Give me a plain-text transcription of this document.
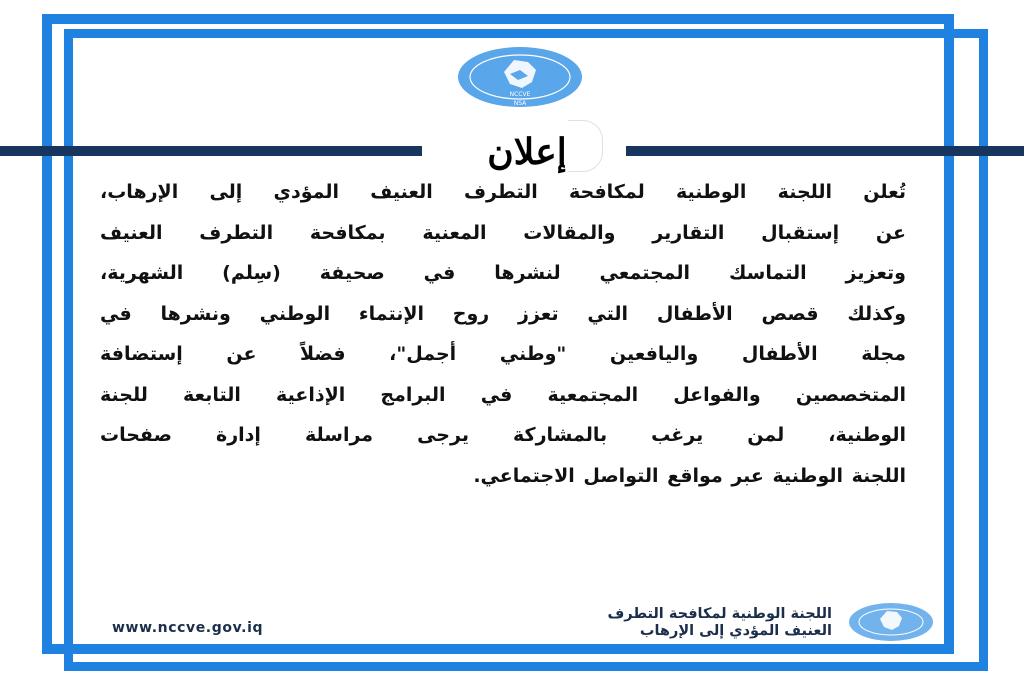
NCCVE
NSA
إعلان
تُعلن اللجنة الوطنية لمكافحة التطرف العنيف المؤدي إلى الإرهاب،
عن إستقبال التقارير والمقالات المعنية بمكافحة التطرف العنيف
وتعزيز التماسك المجتمعي لنشرها في صحيفة (سِلم) الشهرية،
وكذلك قصص الأطفال التي تعزز روح الإنتماء الوطني ونشرها في
مجلة الأطفال واليافعين "وطني أجمل"، فضلاً عن إستضافة
المتخصصين والفواعل المجتمعية في البرامج الإذاعية التابعة للجنة
الوطنية، لمن يرغب بالمشاركة يرجى مراسلة إدارة صفحات
اللجنة الوطنية عبر مواقع التواصل الاجتماعي.
اللجنة الوطنية لمكافحة التطرف
العنيف المؤدي إلى الإرهاب
www.nccve.gov.iq
